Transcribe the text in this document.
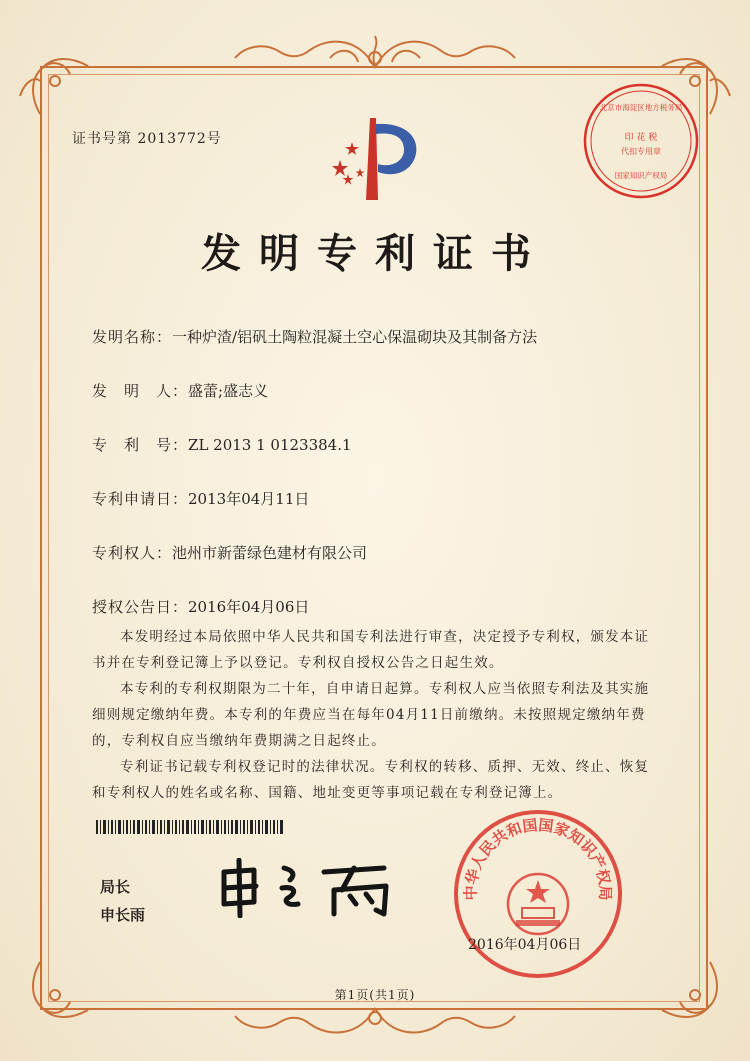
北京市海淀区地方税务局
印 花 税
代扣专用章
国家知识产权局
证书号第 2013772号
发明专利证书
发明名称：一种炉渣/铝矾土陶粒混凝土空心保温砌块及其制备方法
发　明　人：盛蕾;盛志义
专　利　号：ZL 2013 1 0123384.1
专利申请日：2013年04月11日
专利权人：池州市新蕾绿色建材有限公司
授权公告日：2016年04月06日
本发明经过本局依照中华人民共和国专利法进行审查，决定授予专利权，颁发本证书并在专利登记簿上予以登记。专利权自授权公告之日起生效。
本专利的专利权期限为二十年，自申请日起算。专利权人应当依照专利法及其实施细则规定缴纳年费。本专利的年费应当在每年04月11日前缴纳。未按照规定缴纳年费的，专利权自应当缴纳年费期满之日起终止。
专利证书记载专利权登记时的法律状况。专利权的转移、质押、无效、终止、恢复和专利权人的姓名或名称、国籍、地址变更等事项记载在专利登记簿上。
局长
申长雨
中华人民共和国国家知识产权局
2016年04月06日
第1页(共1页)
